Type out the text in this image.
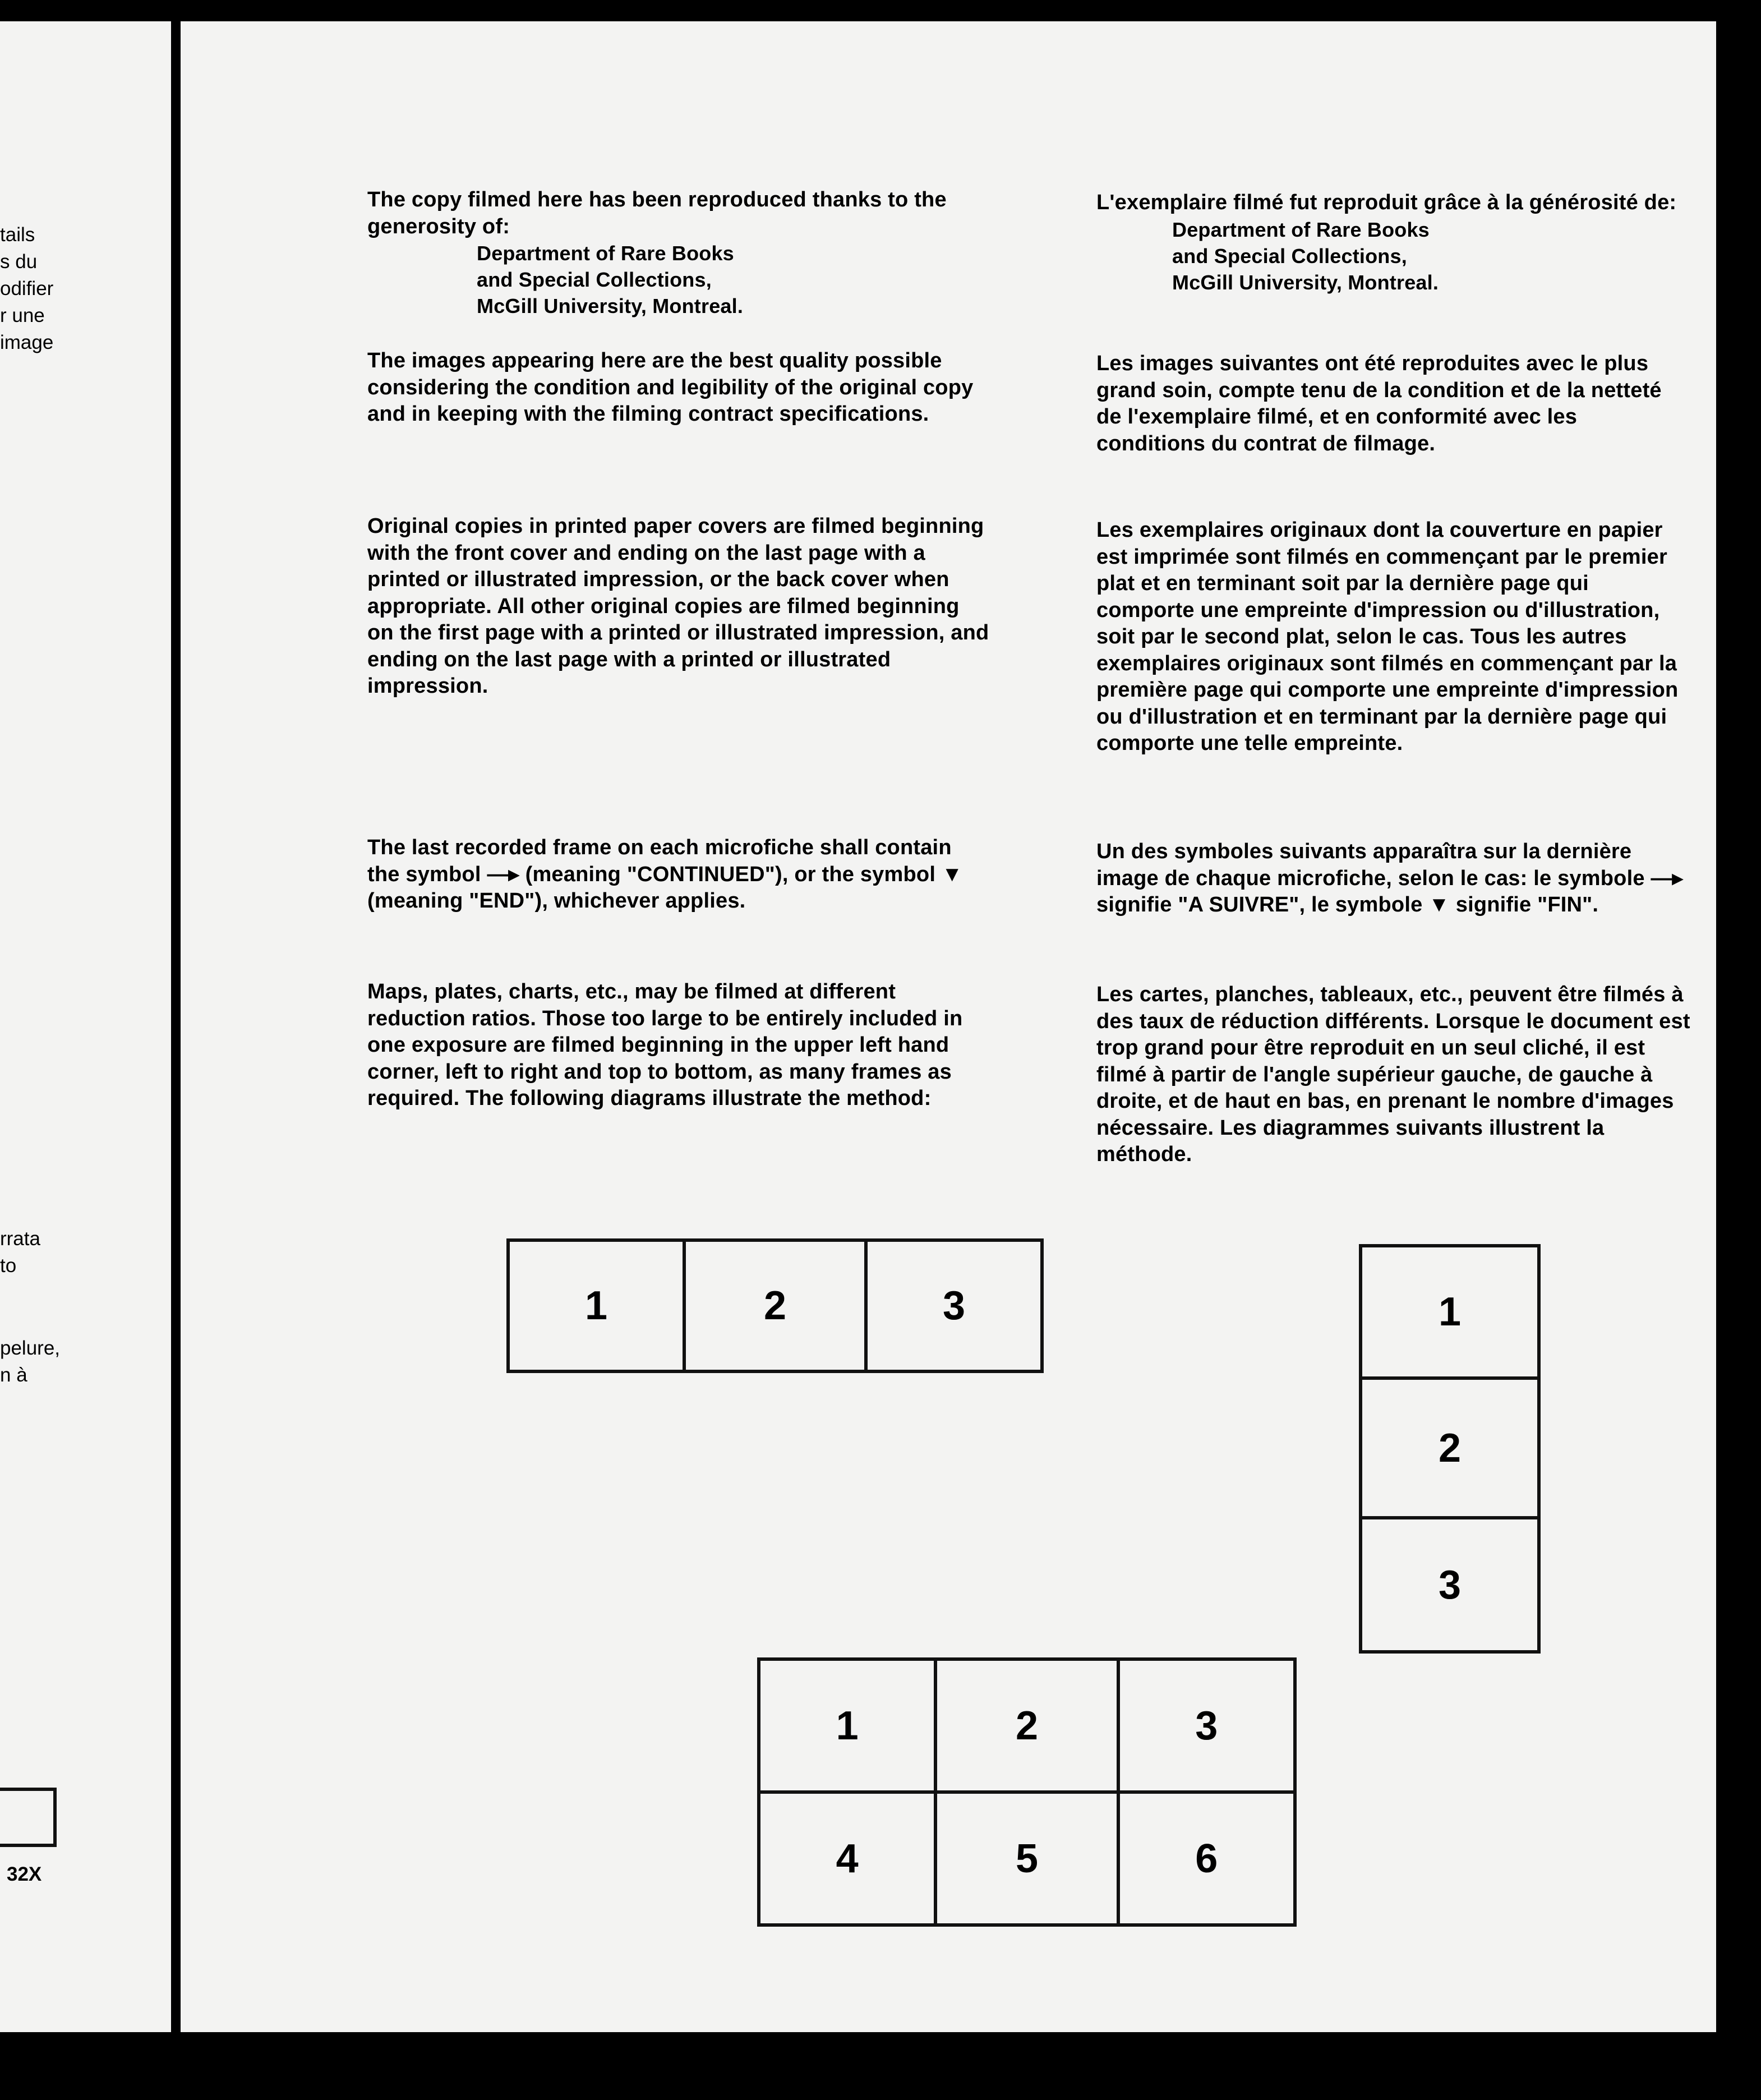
tails
s du
odifier
r une
image
rrata
to
pelure,
n à
32X

The copy filmed here has been reproduced thanks to the generosity of:

Department of Rare Books
and Special Collections,
McGill University, Montreal.
The images appearing here are the best quality possible considering the condition and legibility of the original copy and in keeping with the filming contract specifications.
Original copies in printed paper covers are filmed beginning with the front cover and ending on the last page with a printed or illustrated impression, or the back cover when appropriate. All other original copies are filmed beginning on the first page with a printed or illustrated impression, and ending on the last page with a printed or illustrated impression.
The last recorded frame on each microfiche shall contain the symbol —▸ (meaning "CONTINUED"), or the symbol ▼ (meaning "END"), whichever applies.
Maps, plates, charts, etc., may be filmed at different reduction ratios. Those too large to be entirely included in one exposure are filmed beginning in the upper left hand corner, left to right and top to bottom, as many frames as required. The following diagrams illustrate the method:

L'exemplaire filmé fut reproduit grâce à la générosité de:

Department of Rare Books
and Special Collections,
McGill University, Montreal.
Les images suivantes ont été reproduites avec le plus grand soin, compte tenu de la condition et de la netteté de l'exemplaire filmé, et en conformité avec les conditions du contrat de filmage.
Les exemplaires originaux dont la couverture en papier est imprimée sont filmés en commençant par le premier plat et en terminant soit par la dernière page qui comporte une empreinte d'impression ou d'illustration, soit par le second plat, selon le cas. Tous les autres exemplaires originaux sont filmés en commençant par la première page qui comporte une empreinte d'impression ou d'illustration et en terminant par la dernière page qui comporte une telle empreinte.
Un des symboles suivants apparaîtra sur la dernière image de chaque microfiche, selon le cas: le symbole —▸ signifie "A SUIVRE", le symbole ▼ signifie "FIN".
Les cartes, planches, tableaux, etc., peuvent être filmés à des taux de réduction différents. Lorsque le document est trop grand pour être reproduit en un seul cliché, il est filmé à partir de l'angle supérieur gauche, de gauche à droite, et de haut en bas, en prenant le nombre d'images nécessaire. Les diagrammes suivants illustrent la méthode.
1	2	3	1
2
3
1	2	3
4	5	6
